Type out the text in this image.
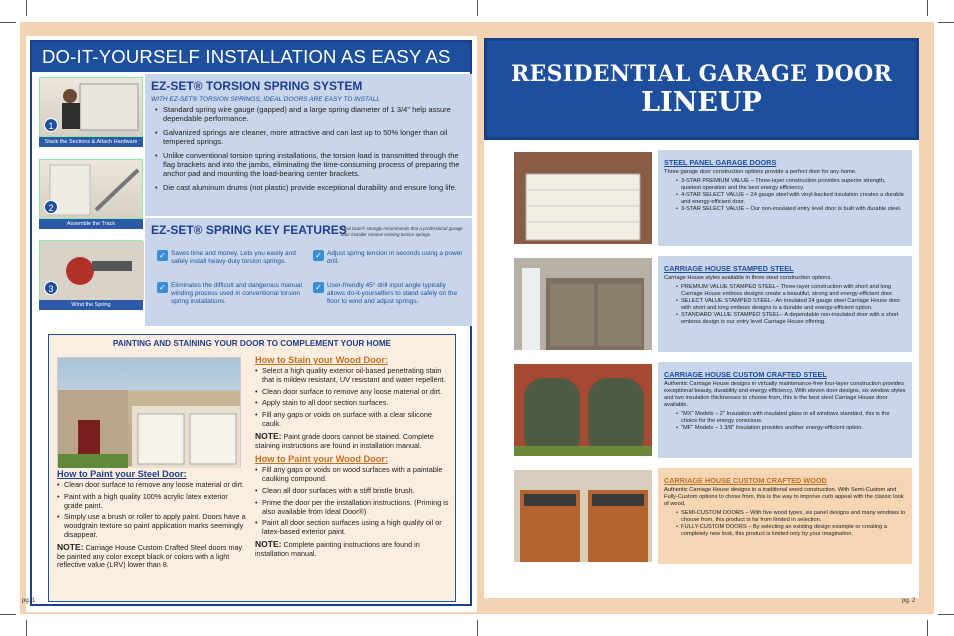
DO-IT-YOURSELF INSTALLATION AS EASY AS
1
Stack the Sections & Attach Hardware
2
Assemble the Track
3
Wind the Spring
EZ-SET® TORSION SPRING SYSTEM
WITH EZ-SET® TORSION SPRINGS, IDEAL DOORS ARE EASY TO INSTALL
• Standard spring wire gauge (gapped) and a large spring diameter of 1 3/4" help assure dependable performance.
• Galvanized springs are cleaner, more attractive and can last up to 50% longer than oil tempered springs.
• Unlike conventional torsion spring installations, the torsion load is transmitted through the flag brackets and into the jambs, eliminating the time-consuming process of preparing the anchor pad and mounting the load-bearing center brackets.
• Die cast aluminum drums (not plastic) provide exceptional durability and ensure long life.
EZ-SET® SPRING KEY FEATURES
Ideal Door® strongly recommends that a professional garage door installer remove existing torsion springs.
✓ Saves time and money. Lets you easily and safely install heavy-duty torsion springs.
✓ Adjust spring tension in seconds using a power drill.
✓ Eliminates the difficult and dangerous manual winding process used in conventional torsion spring installations.
✓ User-friendly 45° drill input angle typically allows do-it-yourselfers to stand safely on the floor to wind and adjust springs.
PAINTING AND STAINING YOUR DOOR TO COMPLEMENT YOUR HOME
How to Paint your Steel Door:
• Clean door surface to remove any loose material or dirt.
• Paint with a high quality 100% acrylic latex exterior grade paint.
• Simply use a brush or roller to apply paint. Doors have a woodgrain texture so paint application marks seemingly disappear.
NOTE: Carriage House Custom Crafted Steel doors may be painted any color except black or colors with a light reflective value (LRV) lower than 8.
How to Stain your Wood Door:
• Select a high quality exterior oil-based penetrating stain that is mildew resistant, UV resistant and water repellent.
• Clean door surface to remove any loose material or dirt.
• Apply stain to all door section surfaces.
• Fill any gaps or voids on surface with a clear silicone caulk.
NOTE: Paint grade doors cannot be stained. Complete staining instructions are found in installation manual.
How to Paint your Wood Door:
• Fill any gaps or voids on wood surfaces with a paintable caulking compound.
• Clean all door surfaces with a stiff bristle brush.
• Prime the door per the installation instructions. (Priming is also available from Ideal Door®)
• Paint all door section surfaces using a high quality oil or latex-based exterior paint.
NOTE: Complete painting instructions are found in installation manual.
pg. 1
RESIDENTIAL GARAGE DOOR
LINEUP
STEEL PANEL GARAGE DOORS

Three garage door construction options provide a perfect door for any home.

• 3-STAR PREMIUM VALUE – Three-layer construction provides superior strength, quietest operation and the best energy efficiency.
• 4-STAR SELECT VALUE – 24 gauge steel with vinyl-backed insulation creates a durable and energy-efficient door.
• 3-STAR SELECT VALUE – Our non-insulated entry level door is built with durable steel.
CARRIAGE HOUSE STAMPED STEEL

Carriage House styles available in three steel construction options.

• PREMIUM VALUE STAMPED STEEL– Three-layer construction with short and long Carriage House emboss designs create a beautiful, strong and energy-efficient door.
• SELECT VALUE STAMPED STEEL– An insulated 24 gauge steel Carriage House door with short and long emboss designs is a durable and energy-efficient option.
• STANDARD VALUE STAMPED STEEL– A dependable non-insulated door with a short emboss design is our entry level Carriage House offering.
CARRIAGE HOUSE CUSTOM CRAFTED STEEL

Authentic Carriage House designs in virtually maintenance-free four-layer construction provides exceptional beauty, durability and energy efficiency. With eleven door designs, six window styles and two insulation thicknesses to choose from, this is the best steel Carriage House door available.

• "MX" Models – 2" Insulation with insulated glass in all windows standard, this is the choice for the energy conscious.
• "MF" Models – 1 3/8" Insulation provides another energy-efficient option.
CARRIAGE HOUSE CUSTOM CRAFTED WOOD

Authentic Carriage House designs in a traditional wood construction. With Semi-Custom and Fully-Custom options to chose from, this is the way to improve curb appeal with the classic look of wood.

• SEMI-CUSTOM DOORS – With five wood types, six panel designs and many windows to choose from, this product is far from limited in selection.
• FULLY-CUSTOM DOORS – By selecting an existing design example or creating a completely new look, this product is limited only by your imagination.
pg. 2
